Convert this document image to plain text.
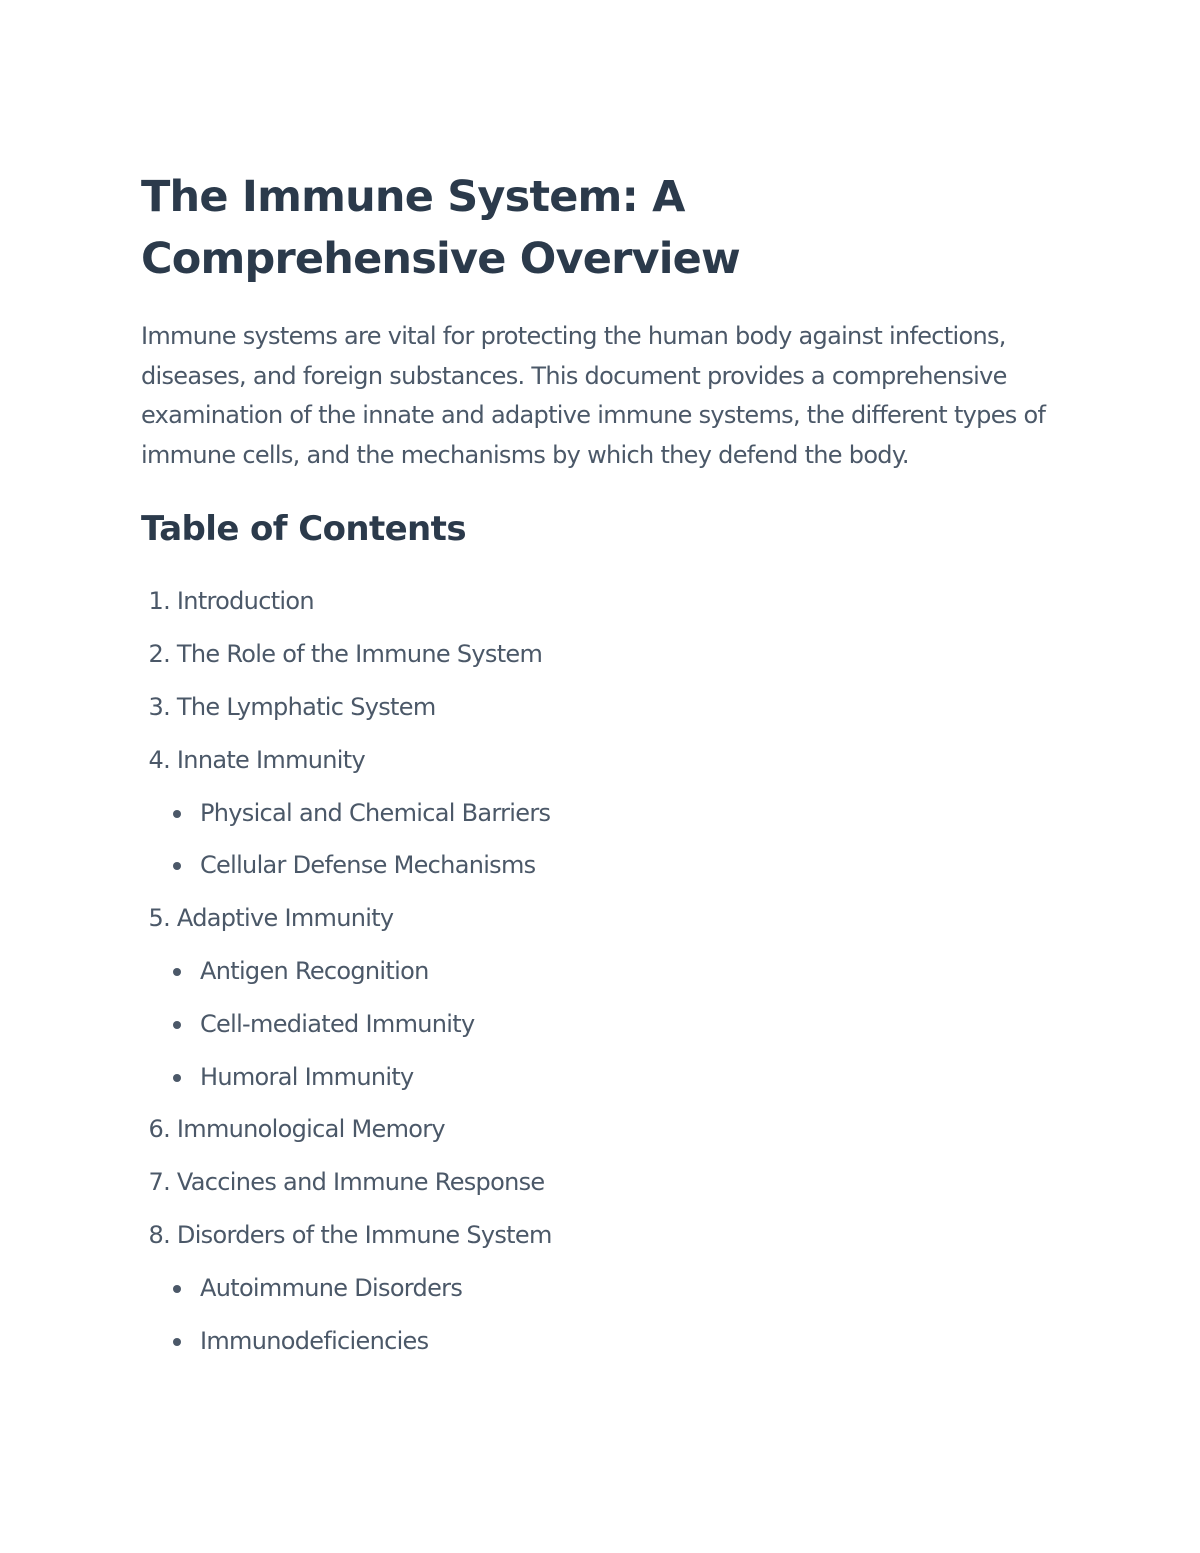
The Immune System: A Comprehensive Overview

Immune systems are vital for protecting the human body against infections, diseases, and foreign substances. This document provides a comprehensive examination of the innate and adaptive immune systems, the different types of immune cells, and the mechanisms by which they defend the body.

Table of Contents
1. Introduction
2. The Role of the Immune System
3. The Lymphatic System
4. Innate Immunity
Physical and Chemical Barriers
Cellular Defense Mechanisms
5. Adaptive Immunity
Antigen Recognition
Cell-mediated Immunity
Humoral Immunity
6. Immunological Memory
7. Vaccines and Immune Response
8. Disorders of the Immune System
Autoimmune Disorders
Immunodeficiencies
